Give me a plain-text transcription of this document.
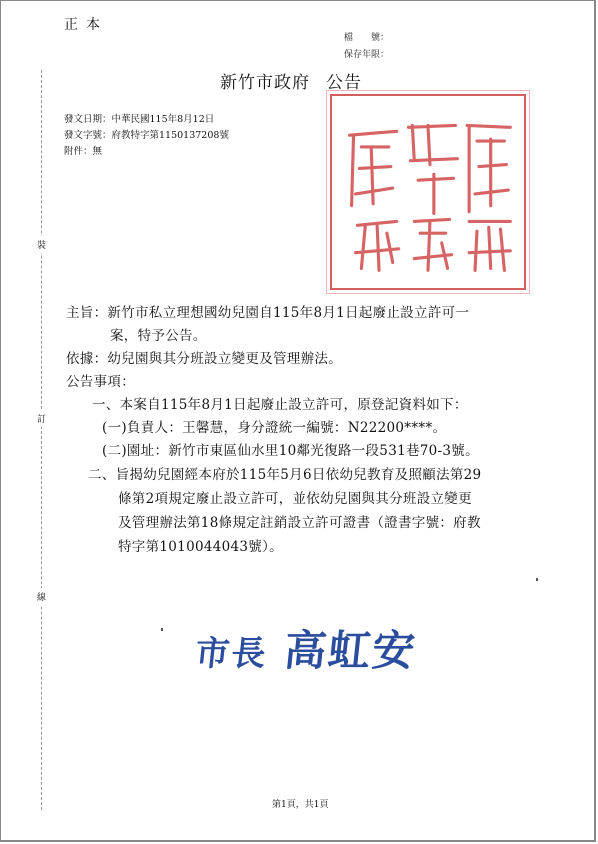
正本
檔　　號：
保存年限：
裝
訂
線
新竹市政府 公告
發文日期：中華民國115年8月12日
發文字號：府教特字第1150137208號
附件：無
主旨：新竹市私立理想國幼兒園自115年8月1日起廢止設立許可一
案，特予公告。
依據：幼兒園與其分班設立變更及管理辦法。
公告事項：
一、本案自115年8月1日起廢止設立許可，原登記資料如下：
(一)負責人：王馨慧，身分證統一編號：N22200****。
(二)園址：新竹市東區仙水里10鄰光復路一段531巷70-3號。
二、旨揭幼兒園經本府於115年5月6日依幼兒教育及照顧法第29
條第2項規定廢止設立許可，並依幼兒園與其分班設立變更
及管理辦法第18條規定註銷設立許可證書（證書字號：府教
特字第1010044043號）。
市長 高虹安
第1頁，共1頁
